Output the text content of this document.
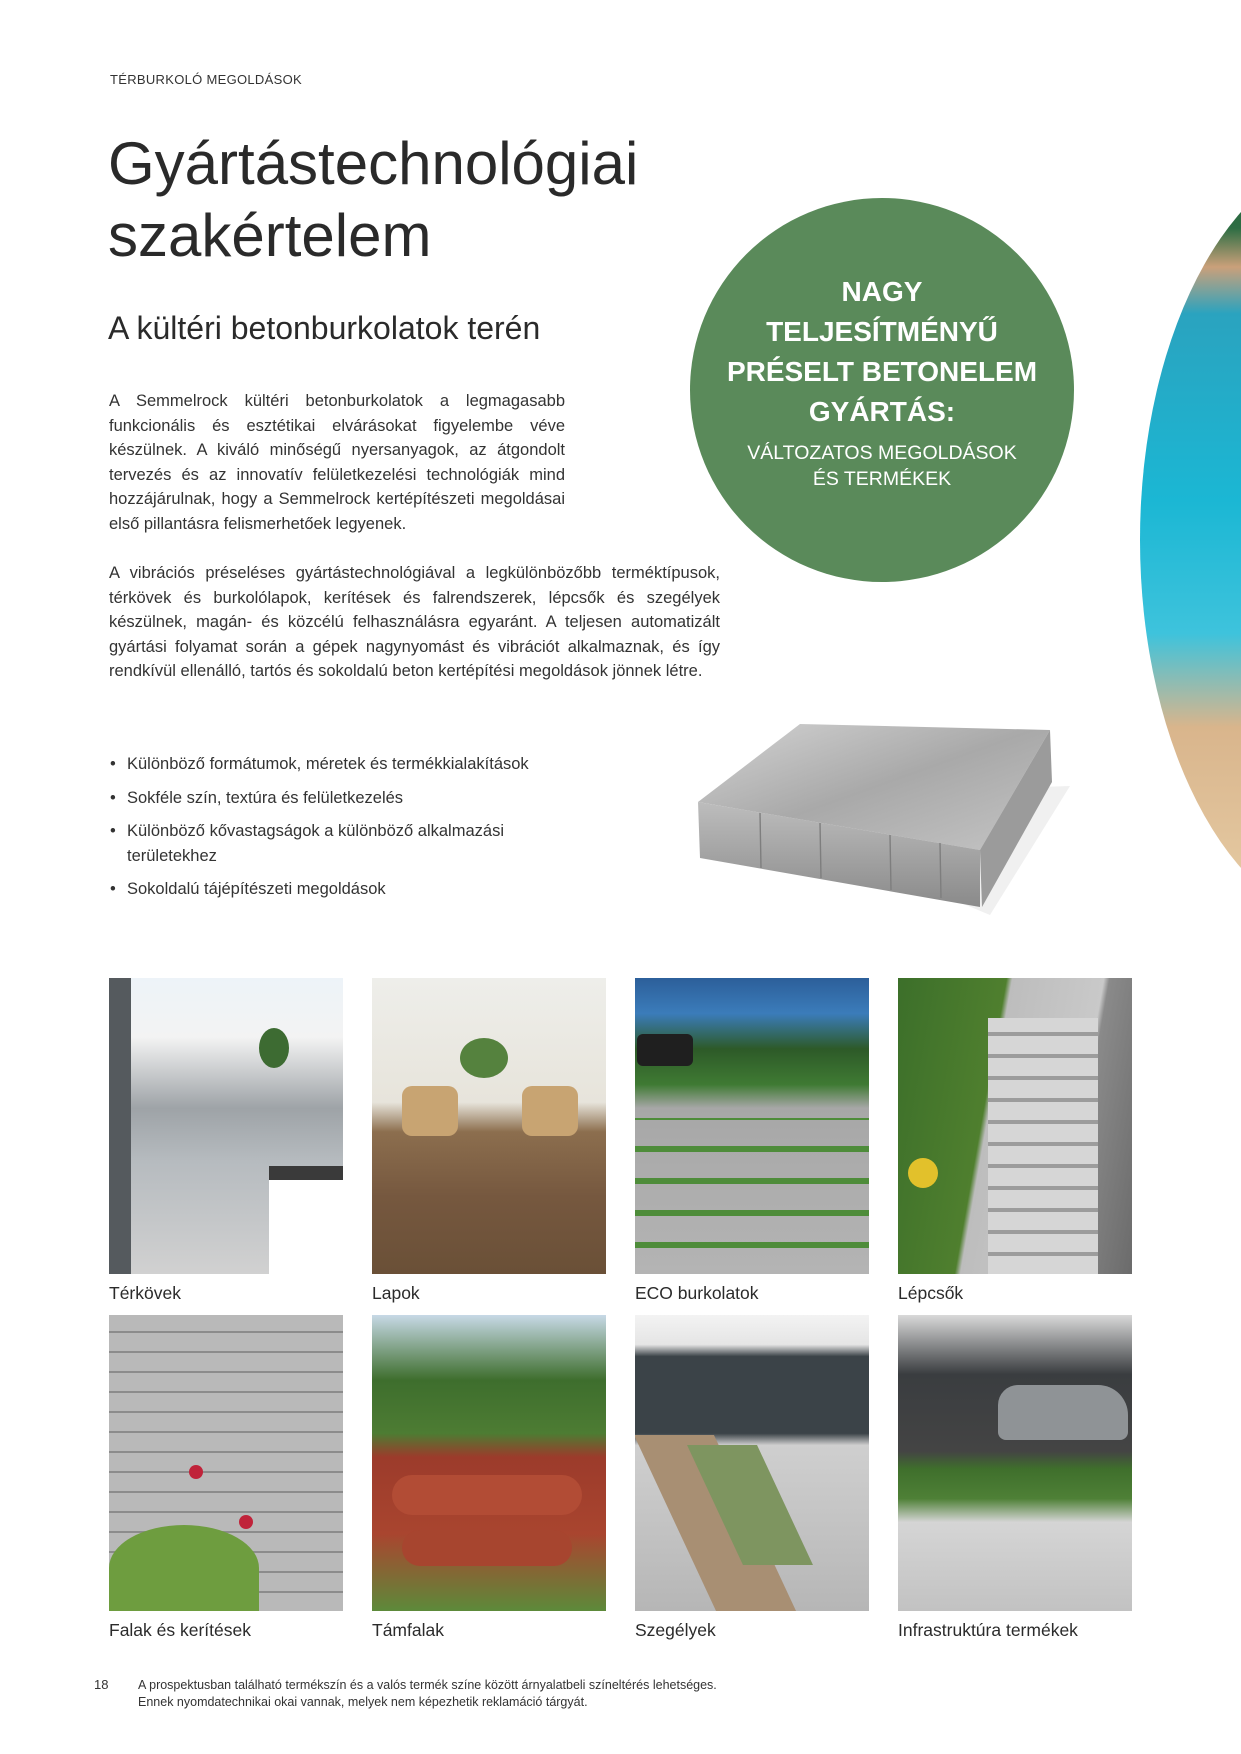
TÉRBURKOLÓ MEGOLDÁSOK
Gyártástechnológiai
szakértelem
A kültéri betonburkolatok terén

A Semmelrock kültéri betonburkolatok a legmagasabb funkcionális és esztétikai elvárásokat figyelembe véve készülnek. A kiváló minőségű nyersanyagok, az átgondolt tervezés és az innovatív felületkezelési technológiák mind hozzájárulnak, hogy a Semmelrock kertépítészeti megoldásai első pillantásra felismerhetőek legyenek.

A vibrációs préseléses gyártástechnológiával a legkülönbözőbb terméktípusok, térkövek és burkolólapok, kerítések és falrendszerek, lépcsők és szegélyek készülnek, magán- és közcélú felhasználásra egyaránt. A teljesen automatizált gyártási folyamat során a gépek nagynyomást és vibrációt alkalmaznak, és így rendkívül ellenálló, tartós és sokoldalú beton kertépítési megoldások jönnek létre.

• Különböző formátumok, méretek és termékkialakítások
• Sokféle szín, textúra és felületkezelés
• Különböző kővastagságok a különböző alkalmazási területekhez
• Sokoldalú tájépítészeti megoldások
NAGY
TELJESÍTMÉNYŰ
PRÉSELT BETONELEM
GYÁRTÁS:
VÁLTOZATOS MEGOLDÁSOK
ÉS TERMÉKEK
Térkövek	Lapok	ECO burkolatok	Lépcsők
Falak és kerítések	Támfalak	Szegélyek	Infrastruktúra termékek
18 A prospektusban található termékszín és a valós termék színe között árnyalatbeli színeltérés lehetséges.
Ennek nyomdatechnikai okai vannak, melyek nem képezhetik reklamáció tárgyát.
